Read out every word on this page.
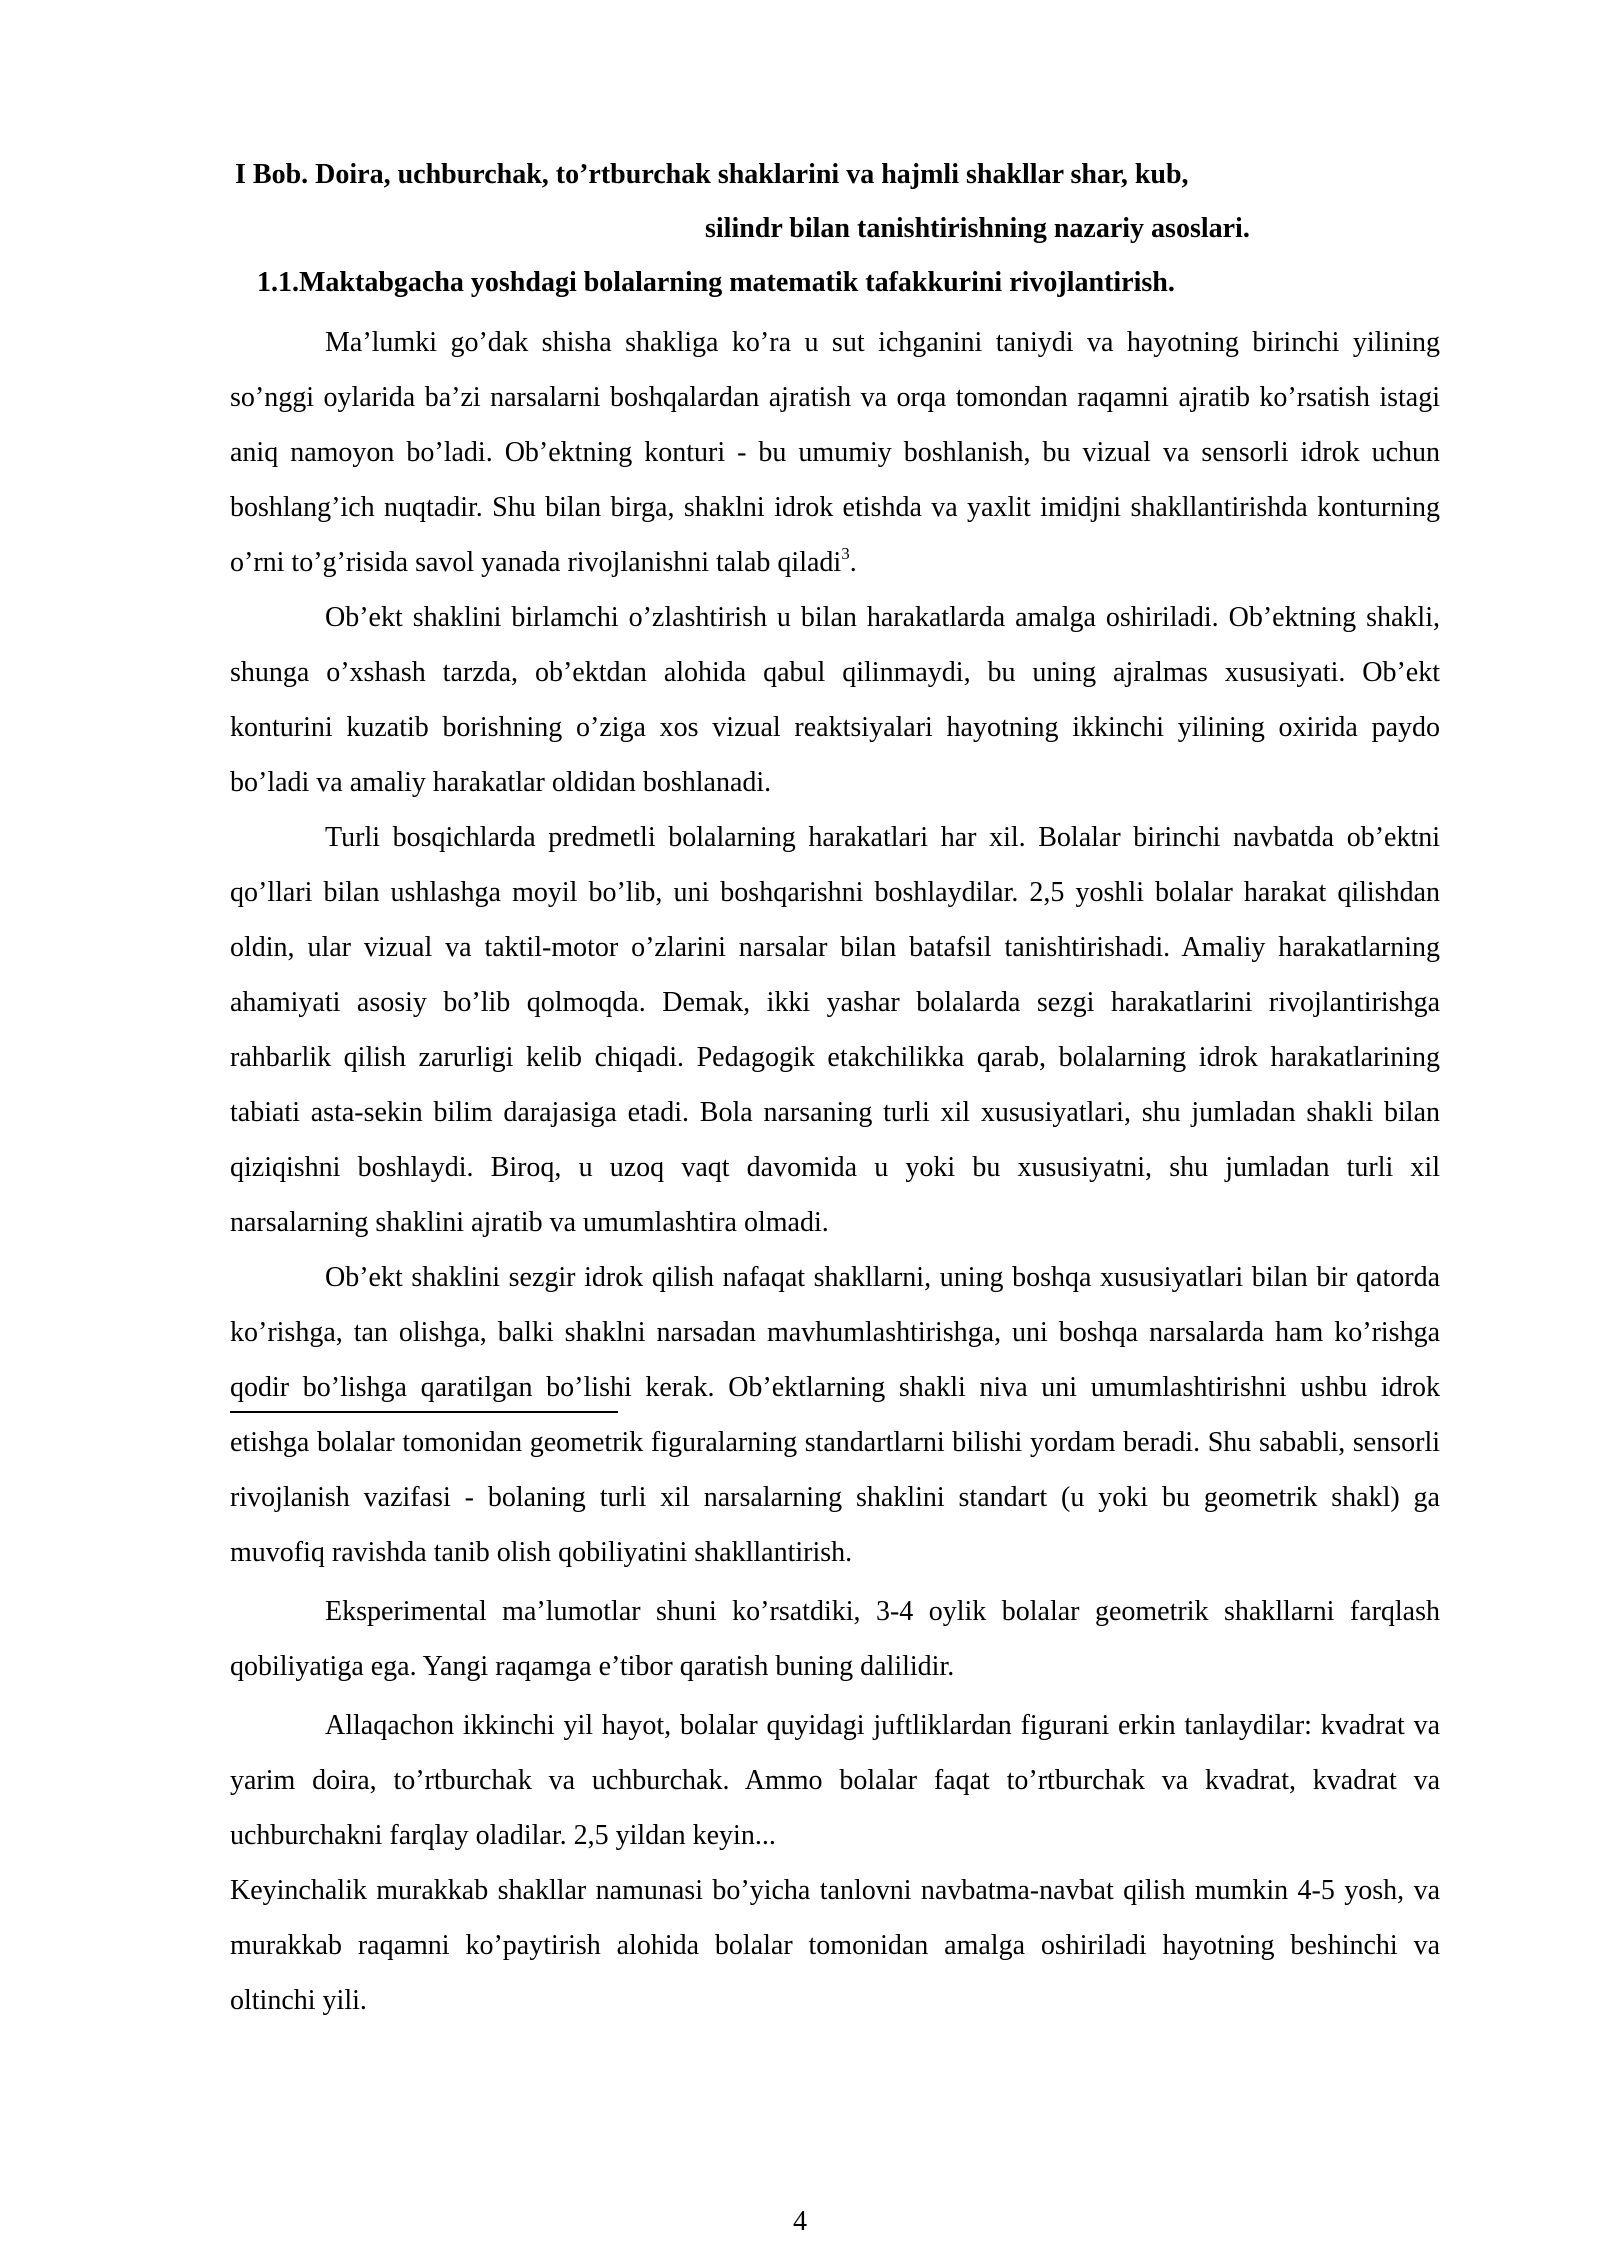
I Bob. Doira, uchburchak, to’rtburchak shaklarini va hajmli shakllar shar, kub,
silindr bilan tanishtirishning nazariy asoslari.
1.1.Maktabgacha yoshdagi bolalarning matematik tafakkurini rivojlantirish.

Ma’lumki go’dak shisha shakliga ko’ra u sut ichganini taniydi va hayotning birinchi yilining so’nggi oylarida ba’zi narsalarni boshqalardan ajratish va orqa tomondan raqamni ajratib ko’rsatish istagi aniq namoyon bo’ladi. Ob’ektning konturi - bu umumiy boshlanish, bu vizual va sensorli idrok uchun boshlang’ich nuqtadir. Shu bilan birga, shaklni idrok etishda va yaxlit imidjni shakllantirishda konturning o’rni to’g’risida savol yanada rivojlanishni talab qiladi$^3$.

Ob’ekt shaklini birlamchi o’zlashtirish u bilan harakatlarda amalga oshiriladi. Ob’ektning shakli, shunga o’xshash tarzda, ob’ektdan alohida qabul qilinmaydi, bu uning ajralmas xususiyati. Ob’ekt konturini kuzatib borishning o’ziga xos vizual reaktsiyalari hayotning ikkinchi yilining oxirida paydo bo’ladi va amaliy harakatlar oldidan boshlanadi.

Turli bosqichlarda predmetli bolalarning harakatlari har xil. Bolalar birinchi navbatda ob’ektni qo’llari bilan ushlashga moyil bo’lib, uni boshqarishni boshlaydilar. 2,5 yoshli bolalar harakat qilishdan oldin, ular vizual va taktil-motor o’zlarini narsalar bilan batafsil tanishtirishadi. Amaliy harakatlarning ahamiyati asosiy bo’lib qolmoqda. Demak, ikki yashar bolalarda sezgi harakatlarini rivojlantirishga rahbarlik qilish zarurligi kelib chiqadi. Pedagogik etakchilikka qarab, bolalarning idrok harakatlarining tabiati asta-sekin bilim darajasiga etadi. Bola narsaning turli xil xususiyatlari, shu jumladan shakli bilan qiziqishni boshlaydi. Biroq, u uzoq vaqt davomida u yoki bu xususiyatni, shu jumladan turli xil narsalarning shaklini ajratib va umumlashtira olmadi.

Ob’ekt shaklini sezgir idrok qilish nafaqat shakllarni, uning boshqa xususiyatlari bilan bir qatorda ko’rishga, tan olishga, balki shaklni narsadan mavhumlashtirishga, uni boshqa narsalarda ham ko’rishga qodir bo’lishga qaratilgan bo’lishi kerak. Ob’ektlarning shakli niva uni umumlashtirishni ushbu idrok etishga bolalar tomonidan geometrik figuralarning standartlarni bilishi yordam beradi. Shu sababli, sensorli rivojlanish vazifasi - bolaning turli xil narsalarning shaklini standart (u yoki bu geometrik shakl) ga muvofiq ravishda tanib olish qobiliyatini shakllantirish.

Eksperimental ma’lumotlar shuni ko’rsatdiki, 3-4 oylik bolalar geometrik shakllarni farqlash qobiliyatiga ega. Yangi raqamga e’tibor qaratish buning dalilidir.

Allaqachon ikkinchi yil hayot, bolalar quyidagi juftliklardan figurani erkin tanlaydilar: kvadrat va yarim doira, to’rtburchak va uchburchak. Ammo bolalar faqat to’rtburchak va kvadrat, kvadrat va uchburchakni farqlay oladilar. 2,5 yildan keyin...

Keyinchalik murakkab shakllar namunasi bo’yicha tanlovni navbatma-navbat qilish mumkin 4-5 yosh, va murakkab raqamni ko’paytirish alohida bolalar tomonidan amalga oshiriladi hayotning beshinchi va oltinchi yili.

4
